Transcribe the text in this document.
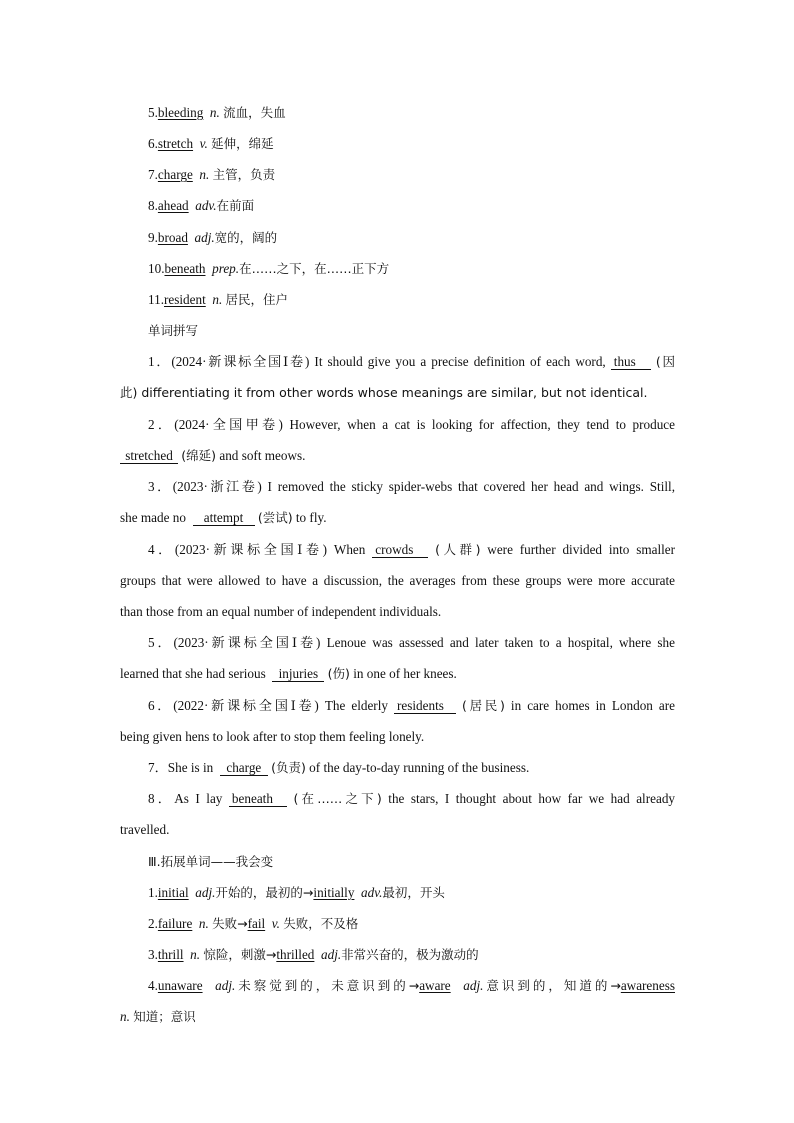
5.bleeding n. 流血，失血
6.stretch v. 延伸，绵延
7.charge n. 主管，负责
8.ahead adv.在前面
9.broad adj.宽的，阔的
10.beneath prep.在……之下，在……正下方
11.resident n. 居民，住户
单词拼写
1．(2024·新课标全国Ⅰ卷) It should give you a precise definition of each word, thus (因
此) differentiating it from other words whose meanings are similar, but not identical.
2．(2024·全国甲卷) However, when a cat is looking for affection, they tend to produce
stretched (绵延) and soft meows.
3．(2023·浙江卷) I removed the sticky spider-webs that covered her head and wings. Still,
she made no attempt (尝试) to fly.
4．(2023·新课标全国Ⅰ卷) When crowds (人群) were further divided into smaller
groups that were allowed to have a discussion, the averages from these groups were more accurate
than those from an equal number of independent individuals.
5．(2023·新课标全国Ⅰ卷) Lenoue was assessed and later taken to a hospital, where she
learned that she had serious injuries (伤) in one of her knees.
6．(2022·新课标全国Ⅰ卷) The elderly residents (居民) in care homes in London are
being given hens to look after to stop them feeling lonely.
7．She is in charge (负责) of the day-to-day running of the business.
8．As I lay beneath (在……之下) the stars, I thought about how far we had already
travelled.
Ⅲ.拓展单词——我会变
1.initial adj.开始的，最初的→initially adv.最初，开头
2.failure n. 失败→fail v. 失败，不及格
3.thrill n. 惊险，刺激→thrilled adj.非常兴奋的，极为激动的
4.unaware adj.未察觉到的，未意识到的→aware adj.意识到的，知道的→awareness
n. 知道；意识
